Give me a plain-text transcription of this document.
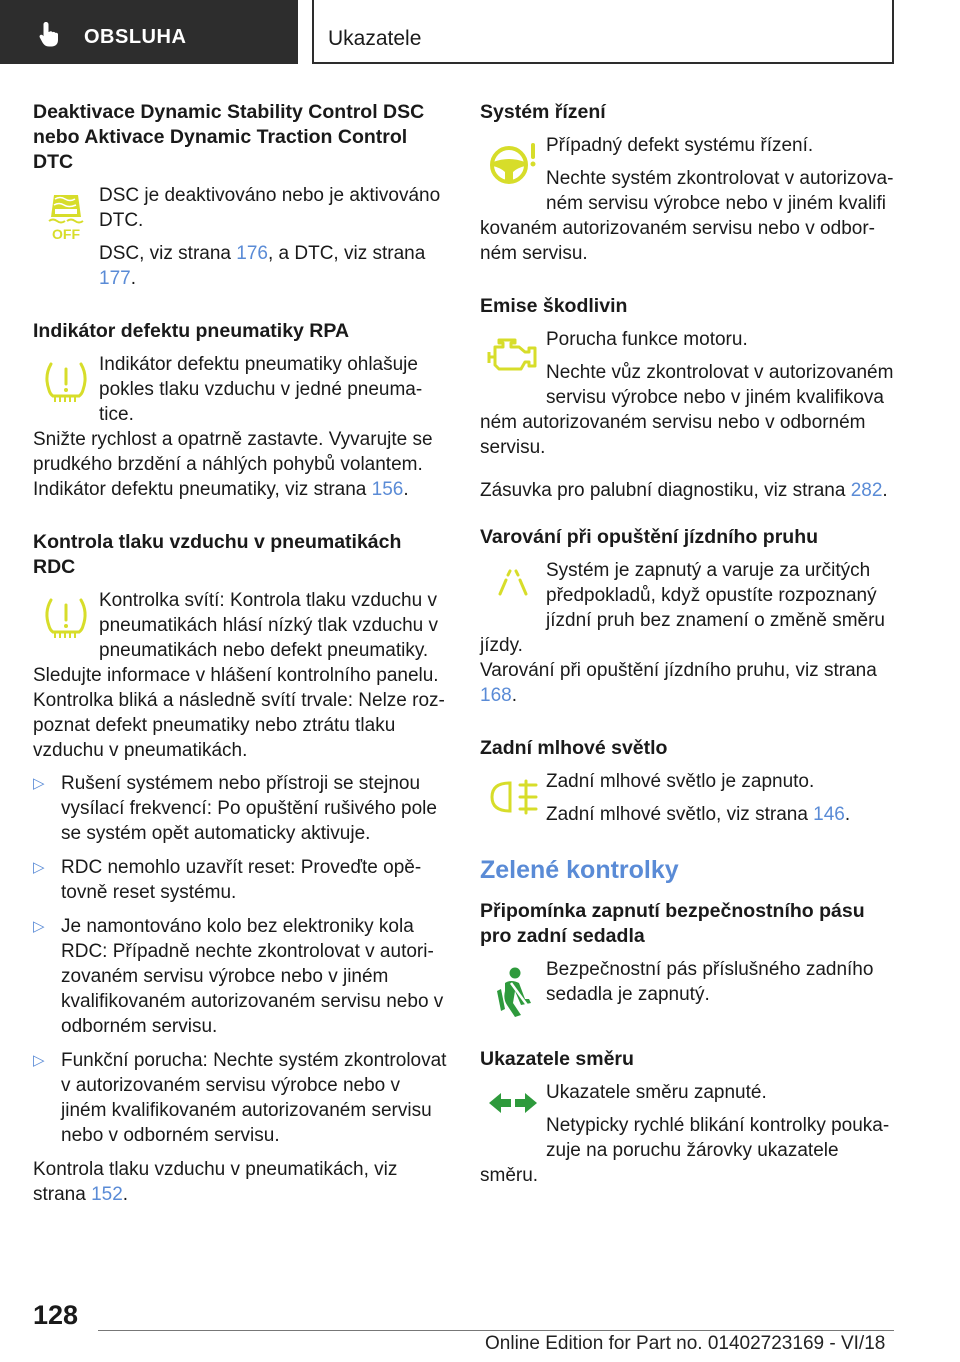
OBSLUHA	Ukazatele

Deaktivace Dynamic Stability Control DSC nebo Aktivace Dynamic Traction Control DTC

OFF

DSC je deaktivováno nebo je aktivováno DTC.

DSC, viz strana 176, a DTC, viz strana 177.

Indikátor defektu pneumatiky RPA

Indikátor defektu pneumatiky ohlašuje pokles tlaku vzduchu v jedné pneumatice.

Snižte rychlost a opatrně zastavte. Vyvarujte se prudkého brzdění a náhlých pohybů volantem.

Indikátor defektu pneumatiky, viz strana 156.

Kontrola tlaku vzduchu v pneumatikách RDC

Kontrolka svítí: Kontrola tlaku vzduchu v pneumatikách hlásí nízký tlak vzduchu v pneumatikách nebo defekt pneumatiky.

Sledujte informace v hlášení kontrolního panelu.

Kontrolka bliká a následně svítí trvale: Nelze rozpoznat defekt pneumatiky nebo ztrátu tlaku vzduchu v pneumatikách.

▷ Rušení systémem nebo přístroji se stejnou vysílací frekvencí: Po opuštění rušivého pole se systém opět automaticky aktivuje.
▷ RDC nemohlo uzavřít reset: Proveďte opětovně reset systému.
▷ Je namontováno kolo bez elektroniky kola RDC: Případně nechte zkontrolovat v autorizovaném servisu výrobce nebo v jiném kvalifikovaném autorizovaném servisu nebo v odborném servisu.
▷ Funkční porucha: Nechte systém zkontrolovat v autorizovaném servisu výrobce nebo v jiném kvalifikovaném autorizovaném servisu nebo v odborném servisu.

Kontrola tlaku vzduchu v pneumatikách, viz strana 152.

Systém řízení

Případný defekt systému řízení.

Nechte systém zkontrolovat v autorizovaném servisu výrobce nebo v jiném kvalifi

kovaném autorizovaném servisu nebo v odborném servisu.

Emise škodlivin

Porucha funkce motoru.

Nechte vůz zkontrolovat v autorizovaném servisu výrobce nebo v jiném kvalifikova

ném autorizovaném servisu nebo v odborném servisu.

Zásuvka pro palubní diagnostiku, viz strana 282.

Varování při opuštění jízdního pruhu

Systém je zapnutý a varuje za určitých předpokladů, když opustíte rozpoznaný jízdní pruh bez znamení o změně směru

jízdy.

Varování při opuštění jízdního pruhu, viz strana 168.

Zadní mlhové světlo

Zadní mlhové světlo je zapnuto.

Zadní mlhové světlo, viz strana 146.

Zelené kontrolky

Připomínka zapnutí bezpečnostního pásu pro zadní sedadla

Bezpečnostní pás příslušného zadního sedadla je zapnutý.

Ukazatele směru

Ukazatele směru zapnuté.

Netypicky rychlé blikání kontrolky poukazuje na poruchu žárovky ukazatele

směru.

128
Online Edition for Part no. 01402723169 - VI/18
